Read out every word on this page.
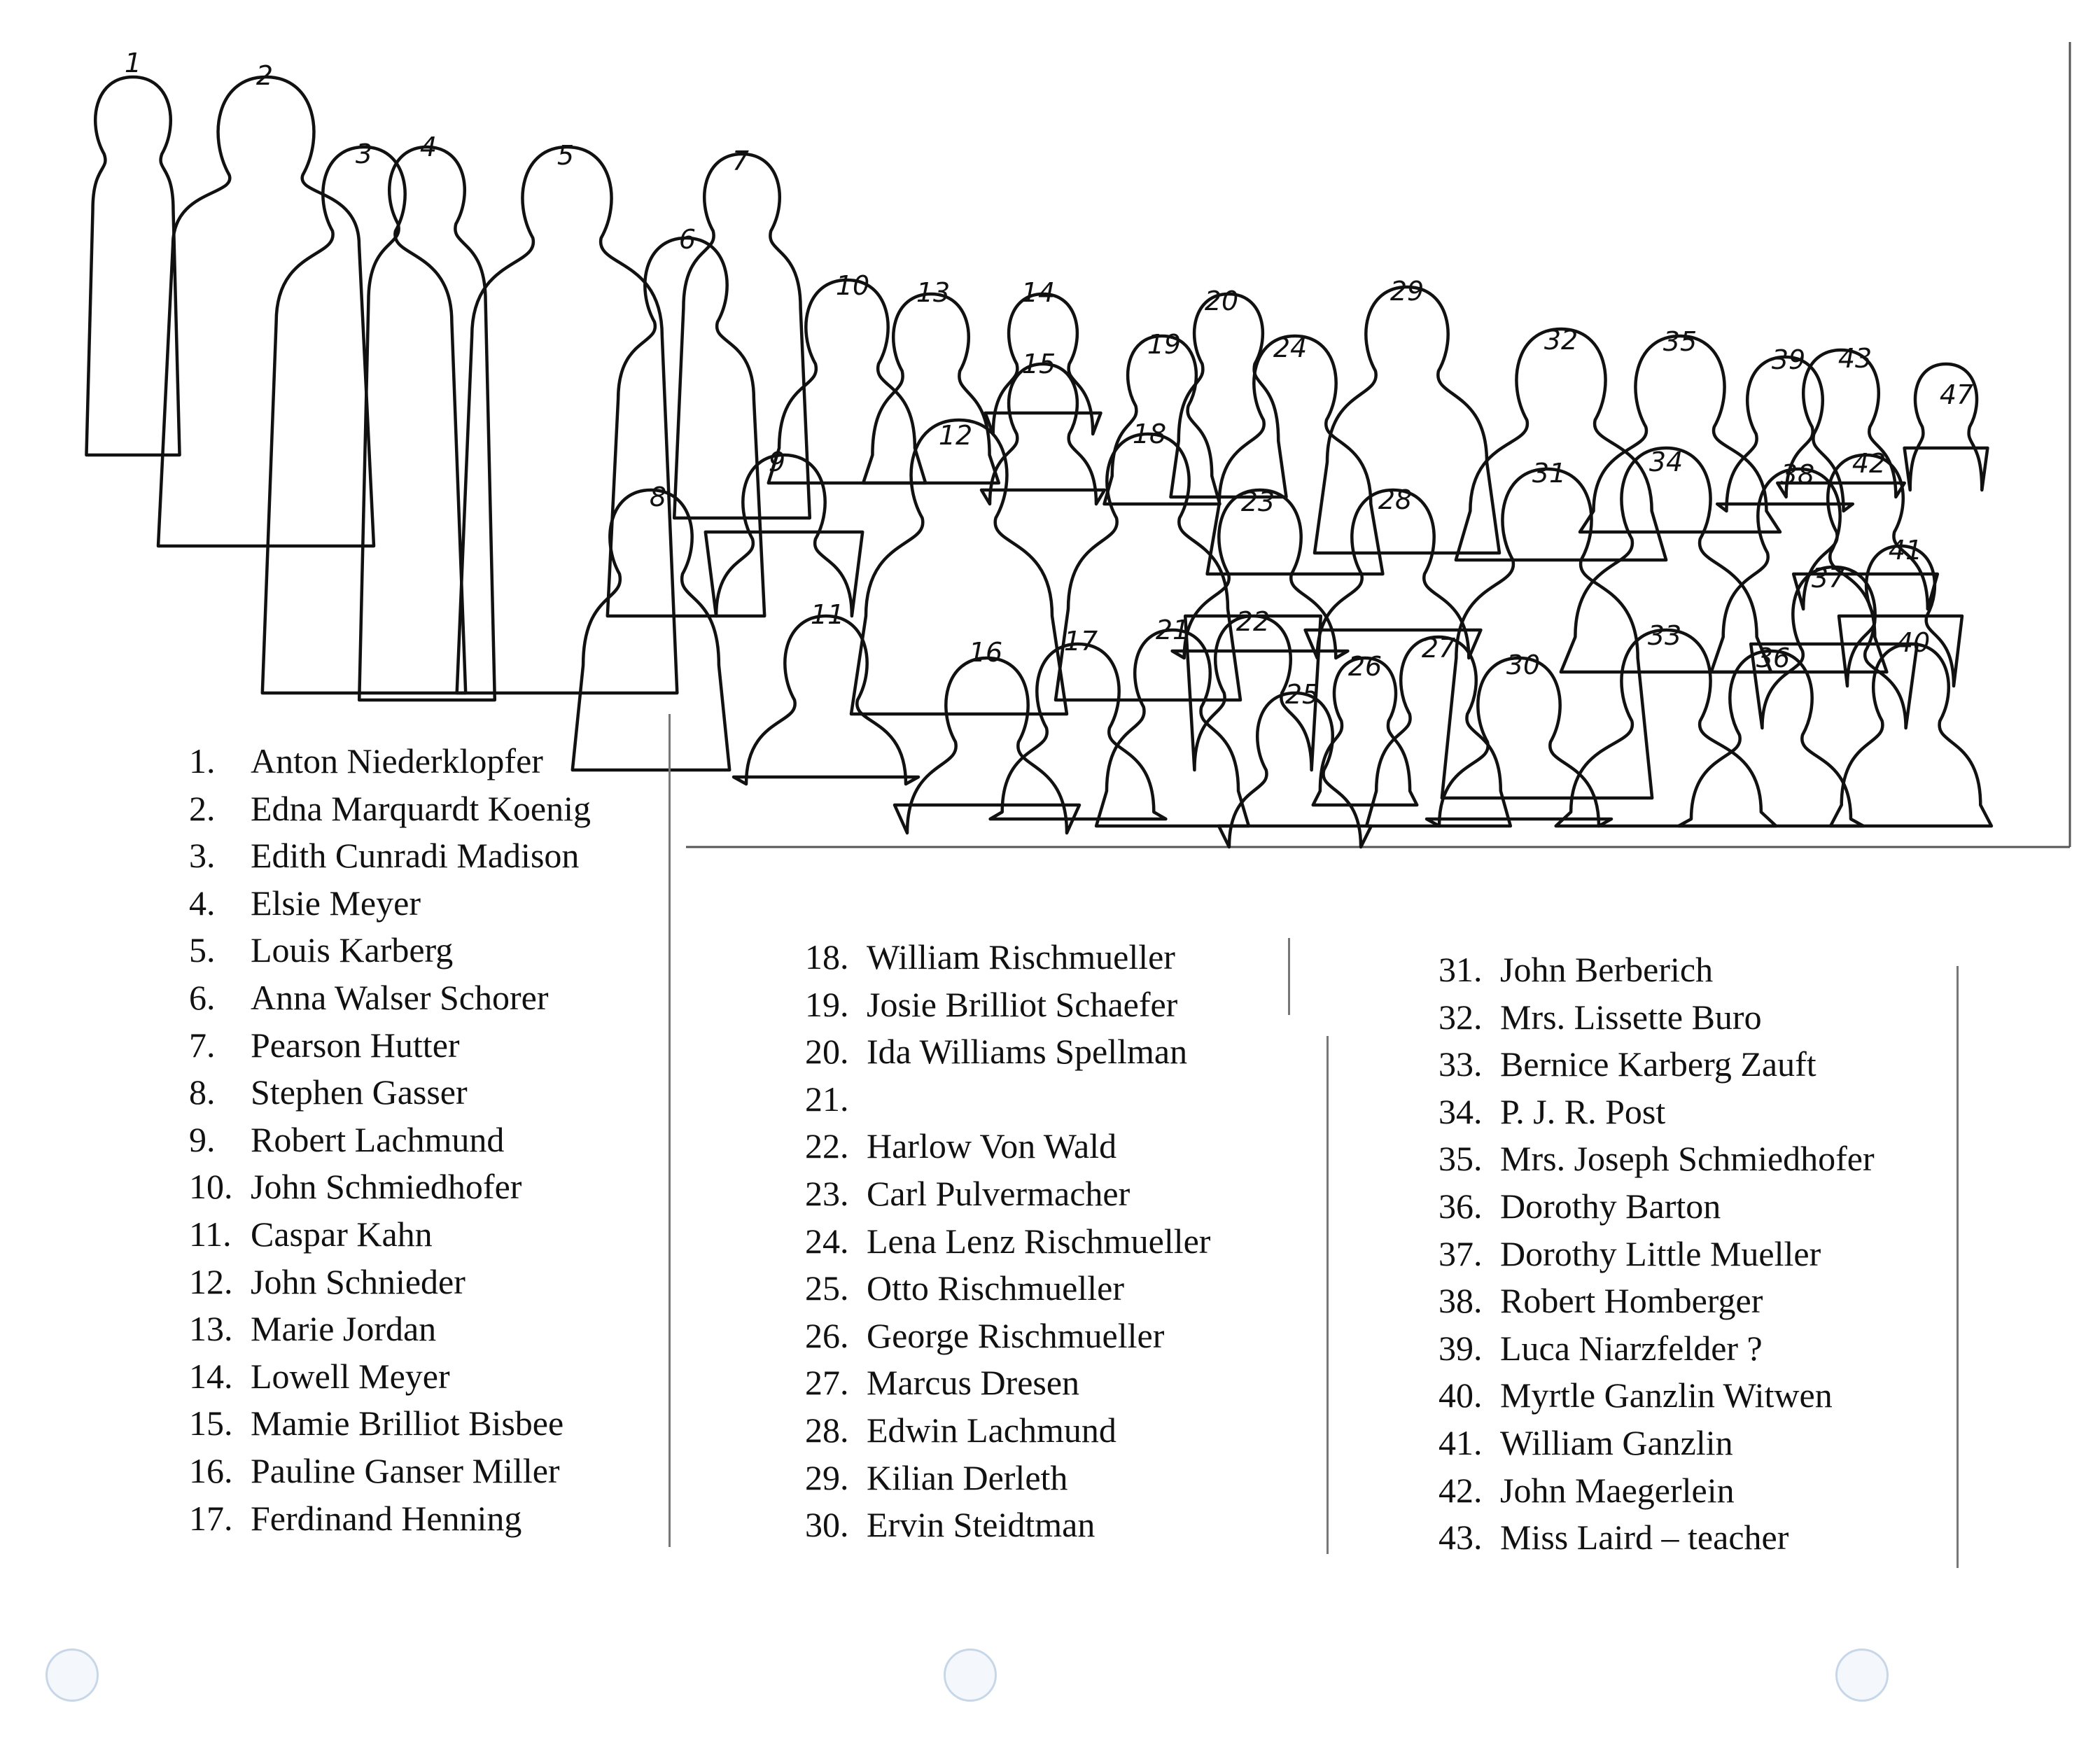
1	2
3 4	5
6
7
8
9
10
11
12
13	14
15
16 17
18
19
20
21 22
23
24
25
26
27
28
29
30
31
32
33
34
35
36
37
38
39
40
41
42
43
47
1. Anton Niederklopfer
2. Edna Marquardt Koenig
3. Edith Cunradi Madison
4. Elsie Meyer
5. Louis Karberg
6. Anna Walser Schorer
7. Pearson Hutter
8. Stephen Gasser
9. Robert Lachmund
10. John Schmiedhofer
11. Caspar Kahn
12. John Schnieder
13. Marie Jordan
14. Lowell Meyer
15. Mamie Brilliot Bisbee
16. Pauline Ganser Miller
17. Ferdinand Henning
18. William Rischmueller
19. Josie Brilliot Schaefer
20. Ida Williams Spellman
21.
22. Harlow Von Wald
23. Carl Pulvermacher
24. Lena Lenz Rischmueller
25. Otto Rischmueller
26. George Rischmueller
27. Marcus Dresen
28. Edwin Lachmund
29. Kilian Derleth
30. Ervin Steidtman
31. John Berberich
32. Mrs. Lissette Buro
33. Bernice Karberg Zauft
34. P. J. R. Post
35. Mrs. Joseph Schmiedhofer
36. Dorothy Barton
37. Dorothy Little Mueller
38. Robert Homberger
39. Luca Niarzfelder ?
40. Myrtle Ganzlin Witwen
41. William Ganzlin
42. John Maegerlein
43. Miss Laird – teacher
